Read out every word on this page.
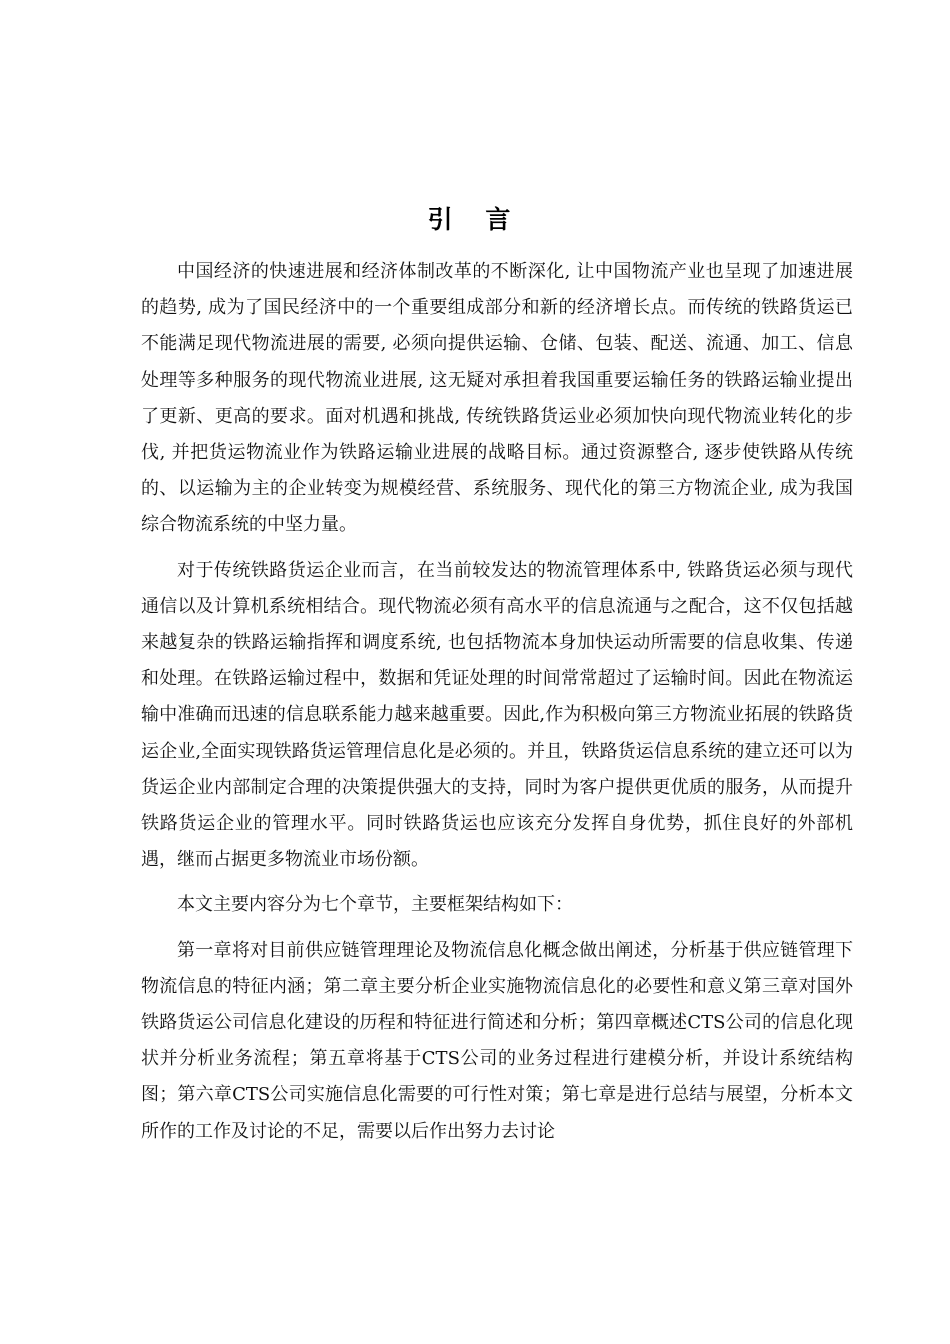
引 言

中国经济的快速进展和经济体制改革的不断深化, 让中国物流产业也呈现了加速进展的趋势, 成为了国民经济中的一个重要组成部分和新的经济增长点。而传统的铁路货运已不能满足现代物流进展的需要, 必须向提供运输、仓储、包装、配送、流通、加工、信息处理等多种服务的现代物流业进展, 这无疑对承担着我国重要运输任务的铁路运输业提出了更新、更高的要求。面对机遇和挑战, 传统铁路货运业必须加快向现代物流业转化的步伐, 并把货运物流业作为铁路运输业进展的战略目标。通过资源整合, 逐步使铁路从传统的、以运输为主的企业转变为规模经营、系统服务、现代化的第三方物流企业, 成为我国综合物流系统的中坚力量。

对于传统铁路货运企业而言，在当前较发达的物流管理体系中, 铁路货运必须与现代通信以及计算机系统相结合。现代物流必须有高水平的信息流通与之配合，这不仅包括越来越复杂的铁路运输指挥和调度系统, 也包括物流本身加快运动所需要的信息收集、传递和处理。在铁路运输过程中，数据和凭证处理的时间常常超过了运输时间。因此在物流运输中准确而迅速的信息联系能力越来越重要。因此,作为积极向第三方物流业拓展的铁路货运企业,全面实现铁路货运管理信息化是必须的。并且，铁路货运信息系统的建立还可以为货运企业内部制定合理的决策提供强大的支持，同时为客户提供更优质的服务，从而提升铁路货运企业的管理水平。同时铁路货运也应该充分发挥自身优势，抓住良好的外部机遇，继而占据更多物流业市场份额。

本文主要内容分为七个章节，主要框架结构如下：

第一章将对目前供应链管理理论及物流信息化概念做出阐述，分析基于供应链管理下物流信息的特征内涵；第二章主要分析企业实施物流信息化的必要性和意义第三章对国外铁路货运公司信息化建设的历程和特征进行简述和分析；第四章概述CTS公司的信息化现状并分析业务流程；第五章将基于CTS公司的业务过程进行建模分析，并设计系统结构图；第六章CTS公司实施信息化需要的可行性对策；第七章是进行总结与展望，分析本文所作的工作及讨论的不足，需要以后作出努力去讨论
